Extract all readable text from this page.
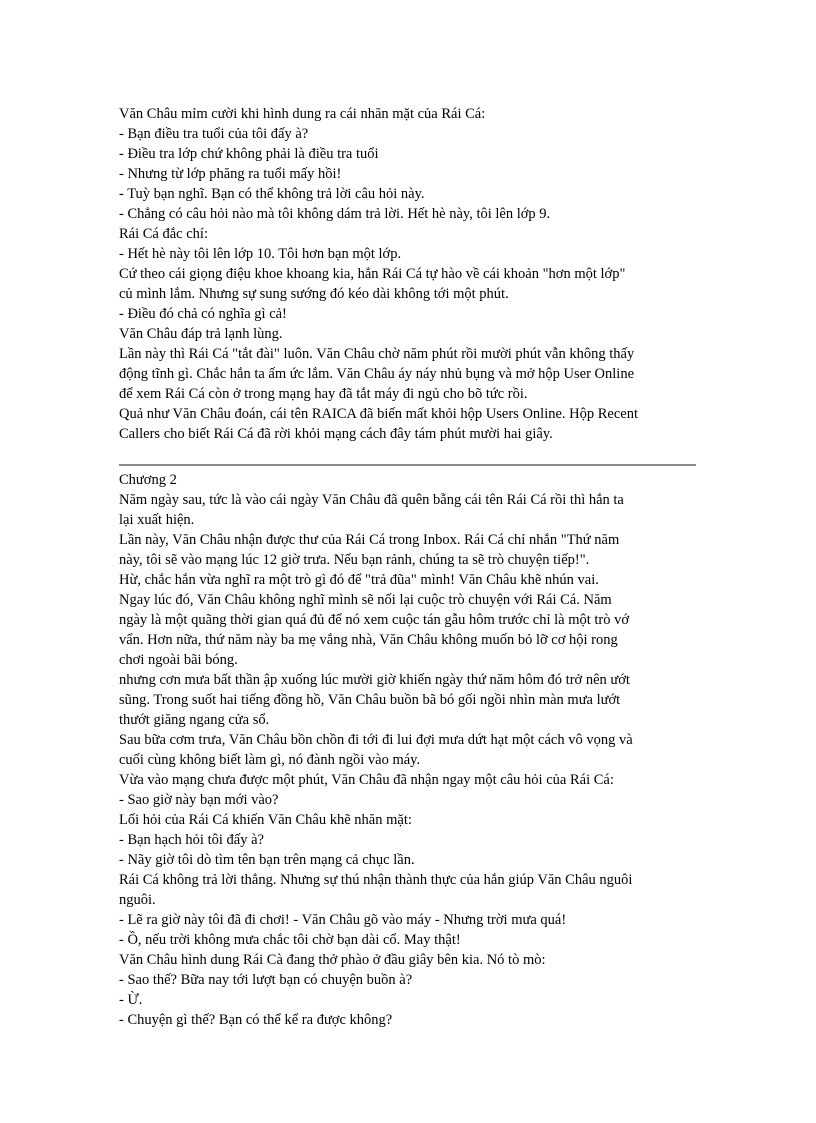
Văn Châu mỉm cười khi hình dung ra cái nhăn mặt của Rái Cá:
- Bạn điều tra tuổi của tôi đấy à?
- Điều tra lớp chứ không phải là điều tra tuổi
- Nhưng từ lớp phăng ra tuổi mấy hồi!
- Tuỳ bạn nghĩ. Bạn có thể không trả lời câu hỏi này.
- Chẳng có câu hỏi nào mà tôi không dám trả lời. Hết hè này, tôi lên lớp 9.
Rái Cá đắc chí:
- Hết hè này tôi lên lớp 10. Tôi hơn bạn một lớp.
Cứ theo cái giọng điệu khoe khoang kia, hẳn Rái Cá tự hào về cái khoản "hơn một lớp"
củ mình lắm. Nhưng sự sung sướng đó kéo dài không tới một phút.
- Điều đó chả có nghĩa gì cả!
Văn Châu đáp trả lạnh lùng.
Lần này thì Rái Cá "tắt đài" luôn. Văn Châu chờ năm phút rồi mười phút vẫn không thấy
động tĩnh gì. Chắc hắn ta ấm ức lắm. Văn Châu áy náy nhủ bụng và mở hộp User Online
để xem Rái Cá còn ở trong mạng hay đã tắt máy đi ngủ cho bõ tức rồi.
Quả như Văn Châu đoán, cái tên RAICA đã biến mất khỏi hộp Users Online. Hộp Recent
Callers cho biết Rái Cá đã rời khỏi mạng cách đây tám phút mười hai giây.
Chương 2
Năm ngày sau, tức là vào cái ngày Văn Châu đã quên bẵng cái tên Rái Cá rồi thì hắn ta
lại xuất hiện.
Lần này, Văn Châu nhận được thư của Rái Cá trong Inbox. Rái Cá chỉ nhắn "Thứ năm
này, tôi sẽ vào mạng lúc 12 giờ trưa. Nếu bạn rảnh, chúng ta sẽ trò chuyện tiếp!".
Hừ, chắc hắn vừa nghĩ ra một trò gì đó để "trả đũa" mình! Văn Châu khẽ nhún vai.
Ngay lúc đó, Văn Châu không nghĩ mình sẽ nối lại cuộc trò chuyện với Rái Cá. Năm
ngày là một quãng thời gian quá đủ để nó xem cuộc tán gẫu hôm trước chỉ là một trò vớ
vẩn. Hơn nữa, thứ năm này ba mẹ vắng nhà, Văn Châu không muốn bỏ lỡ cơ hội rong
chơi ngoài bãi bóng.
nhưng cơn mưa bất thần ập xuống lúc mười giờ khiến ngày thứ năm hôm đó trở nên ướt
sũng. Trong suốt hai tiếng đồng hồ, Văn Châu buồn bã bó gối ngồi nhìn màn mưa lướt
thướt giăng ngang cửa sổ.
Sau bữa cơm trưa, Văn Châu bồn chồn đi tới đi lui đợi mưa dứt hạt một cách vô vọng và
cuối cùng không biết làm gì, nó đành ngồi vào máy.
Vừa vào mạng chưa được một phút, Văn Châu đã nhận ngay một câu hỏi của Rái Cá:
- Sao giờ này bạn mới vào?
Lối hỏi của Rái Cá khiến Văn Châu khẽ nhăn mặt:
- Bạn hạch hỏi tôi đấy à?
- Nãy giờ tôi dò tìm tên bạn trên mạng cả chục lần.
Rái Cá không trả lời thẳng. Nhưng sự thú nhận thành thực của hắn giúp Văn Châu nguôi
nguôi.
- Lẽ ra giờ này tôi đã đi chơi! - Văn Châu gõ vào máy - Nhưng trời mưa quá!
- Ồ, nếu trời không mưa chắc tôi chờ bạn dài cổ. May thật!
Văn Châu hình dung Rái Cà đang thở phào ở đầu giây bên kia. Nó tò mò:
- Sao thế? Bữa nay tới lượt bạn có chuyện buồn à?
- Ừ.
- Chuyện gì thế? Bạn có thể kể ra được không?
